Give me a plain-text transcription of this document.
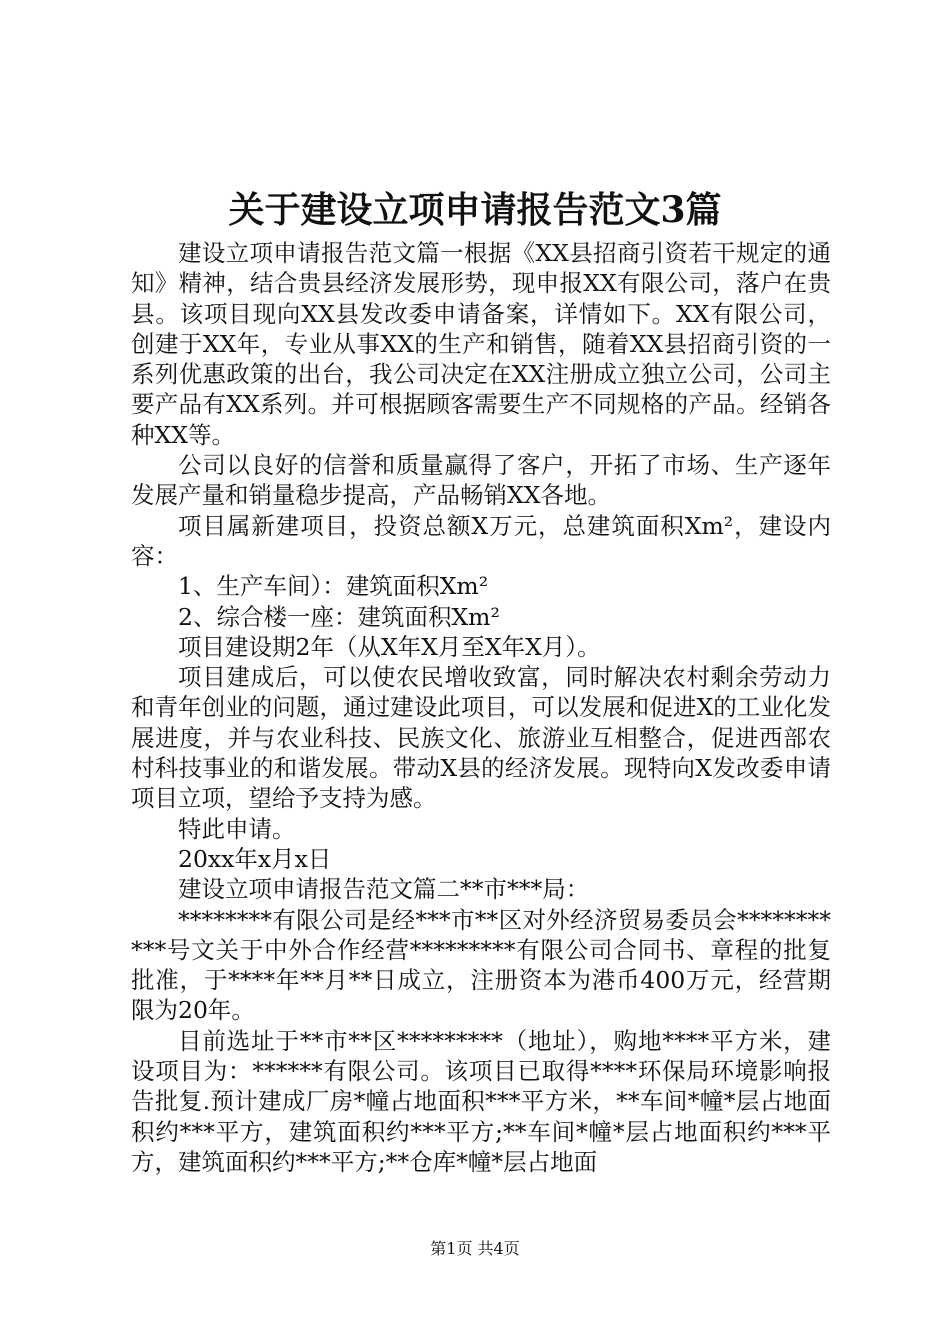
关于建设立项申请报告范文3篇

建设立项申请报告范文篇一根据《XX县招商引资若干规定的通知》精神，结合贵县经济发展形势，现申报XX有限公司，落户在贵县。该项目现向XX县发改委申请备案，详情如下。XX有限公司，创建于XX年，专业从事XX的生产和销售，随着XX县招商引资的一系列优惠政策的出台，我公司决定在XX注册成立独立公司，公司主要产品有XX系列。并可根据顾客需要生产不同规格的产品。经销各种XX等。

公司以良好的信誉和质量赢得了客户，开拓了市场、生产逐年发展产量和销量稳步提高，产品畅销XX各地。

项目属新建项目，投资总额X万元，总建筑面积Xm²，建设内容：

1、生产车间）：建筑面积Xm²

2、综合楼一座：建筑面积Xm²

项目建设期2年（从X年X月至X年X月）。

项目建成后，可以使农民增收致富，同时解决农村剩余劳动力和青年创业的问题，通过建设此项目，可以发展和促进X的工业化发展进度，并与农业科技、民族文化、旅游业互相整合，促进西部农村科技事业的和谐发展。带动X县的经济发展。现特向X发改委申请项目立项，望给予支持为感。

特此申请。

20xx年x月x日

建设立项申请报告范文篇二**市***局：

********有限公司是经***市**区对外经济贸易委员会***********号文关于中外合作经营*********有限公司合同书、章程的批复批准，于****年**月**日成立，注册资本为港币400万元，经营期限为20年。

目前选址于**市**区*********（地址），购地****平方米，建设项目为：******有限公司。该项目已取得****环保局环境影响报告批复.预计建成厂房*幢占地面积***平方米，**车间*幢*层占地面积约***平方，建筑面积约***平方;**车间*幢*层占地面积约***平方，建筑面积约***平方;**仓库*幢*层占地面

第1页 共4页
